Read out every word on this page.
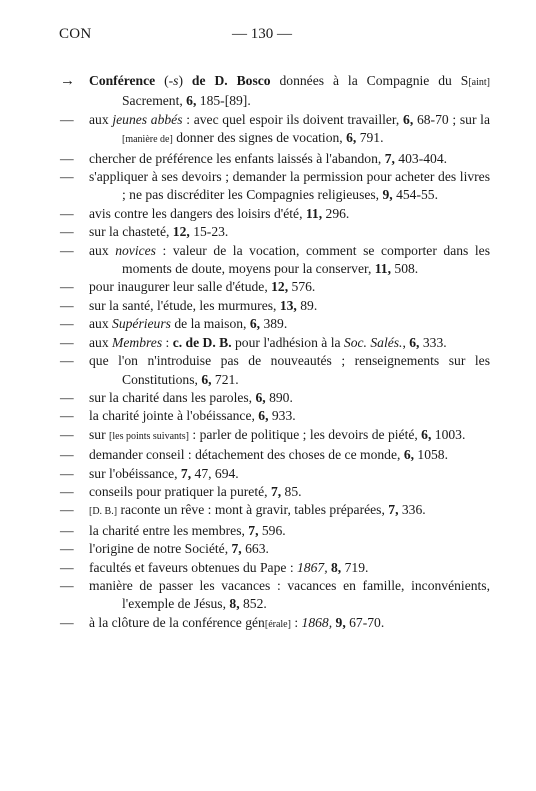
CON	— 130 —
→	Conférence (-s) de D. Bosco données à la Compagnie du S[aint] Sacrement, 6, 185-[89].
—	aux jeunes abbés : avec quel espoir ils doivent travailler, 6, 68-70 ; sur la [manière de] donner des signes de vocation, 6, 791.
—	chercher de préférence les enfants laissés à l'abandon, 7, 403-404.
—	s'appliquer à ses devoirs ; demander la permission pour acheter des livres ; ne pas discréditer les Compagnies religieuses, 9, 454-55.
—	avis contre les dangers des loisirs d'été, 11, 296.
—	sur la chasteté, 12, 15-23.
—	aux novices : valeur de la vocation, comment se comporter dans les moments de doute, moyens pour la conserver, 11, 508.
—	pour inaugurer leur salle d'étude, 12, 576.
—	sur la santé, l'étude, les murmures, 13, 89.
—	aux Supérieurs de la maison, 6, 389.
—	aux Membres : c. de D. B. pour l'adhésion à la Soc. Salés., 6, 333.
—	que l'on n'introduise pas de nouveautés ; renseignements sur les Constitutions, 6, 721.
—	sur la charité dans les paroles, 6, 890.
—	la charité jointe à l'obéissance, 6, 933.
—	sur [les points suivants] : parler de politique ; les devoirs de piété, 6, 1003.
—	demander conseil : détachement des choses de ce monde, 6, 1058.
—	sur l'obéissance, 7, 47, 694.
—	conseils pour pratiquer la pureté, 7, 85.
—	[D. B.] raconte un rêve : mont à gravir, tables préparées, 7, 336.
—	la charité entre les membres, 7, 596.
—	l'origine de notre Société, 7, 663.
—	facultés et faveurs obtenues du Pape : 1867, 8, 719.
—	manière de passer les vacances : vacances en famille, inconvénients, l'exemple de Jésus, 8, 852.
—	à la clôture de la conférence gén[érale] : 1868, 9, 67-70.
